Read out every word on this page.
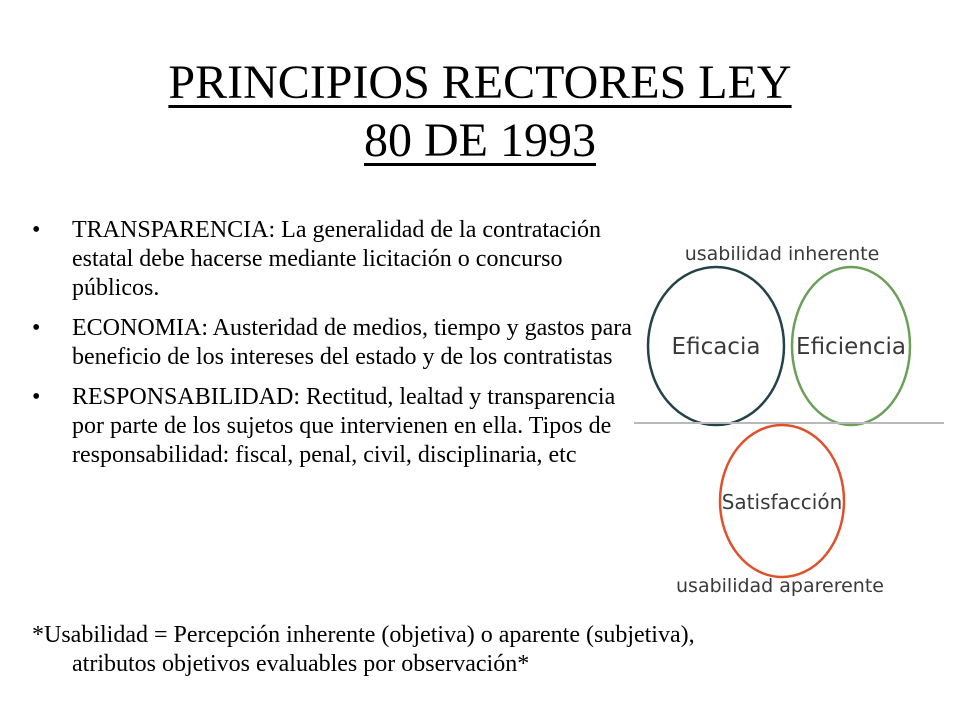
PRINCIPIOS RECTORES LEY
80 DE 1993
•	TRANSPARENCIA: La generalidad de la contratación estatal debe hacerse mediante licitación o concurso públicos.
•	ECONOMIA: Austeridad de medios, tiempo y gastos para beneficio de los intereses del estado y de los contratistas
•	RESPONSABILIDAD: Rectitud, lealtad y transparencia por parte de los sujetos que intervienen en ella. Tipos de responsabilidad: fiscal, penal, civil, disciplinaria, etc

*Usabilidad = Percepción inherente (objetiva) o aparente (subjetiva), atributos objetivos evaluables por observación*

usabilidad inherente
Eficacia Eficiencia
Satisfacción
usabilidad aparerente
